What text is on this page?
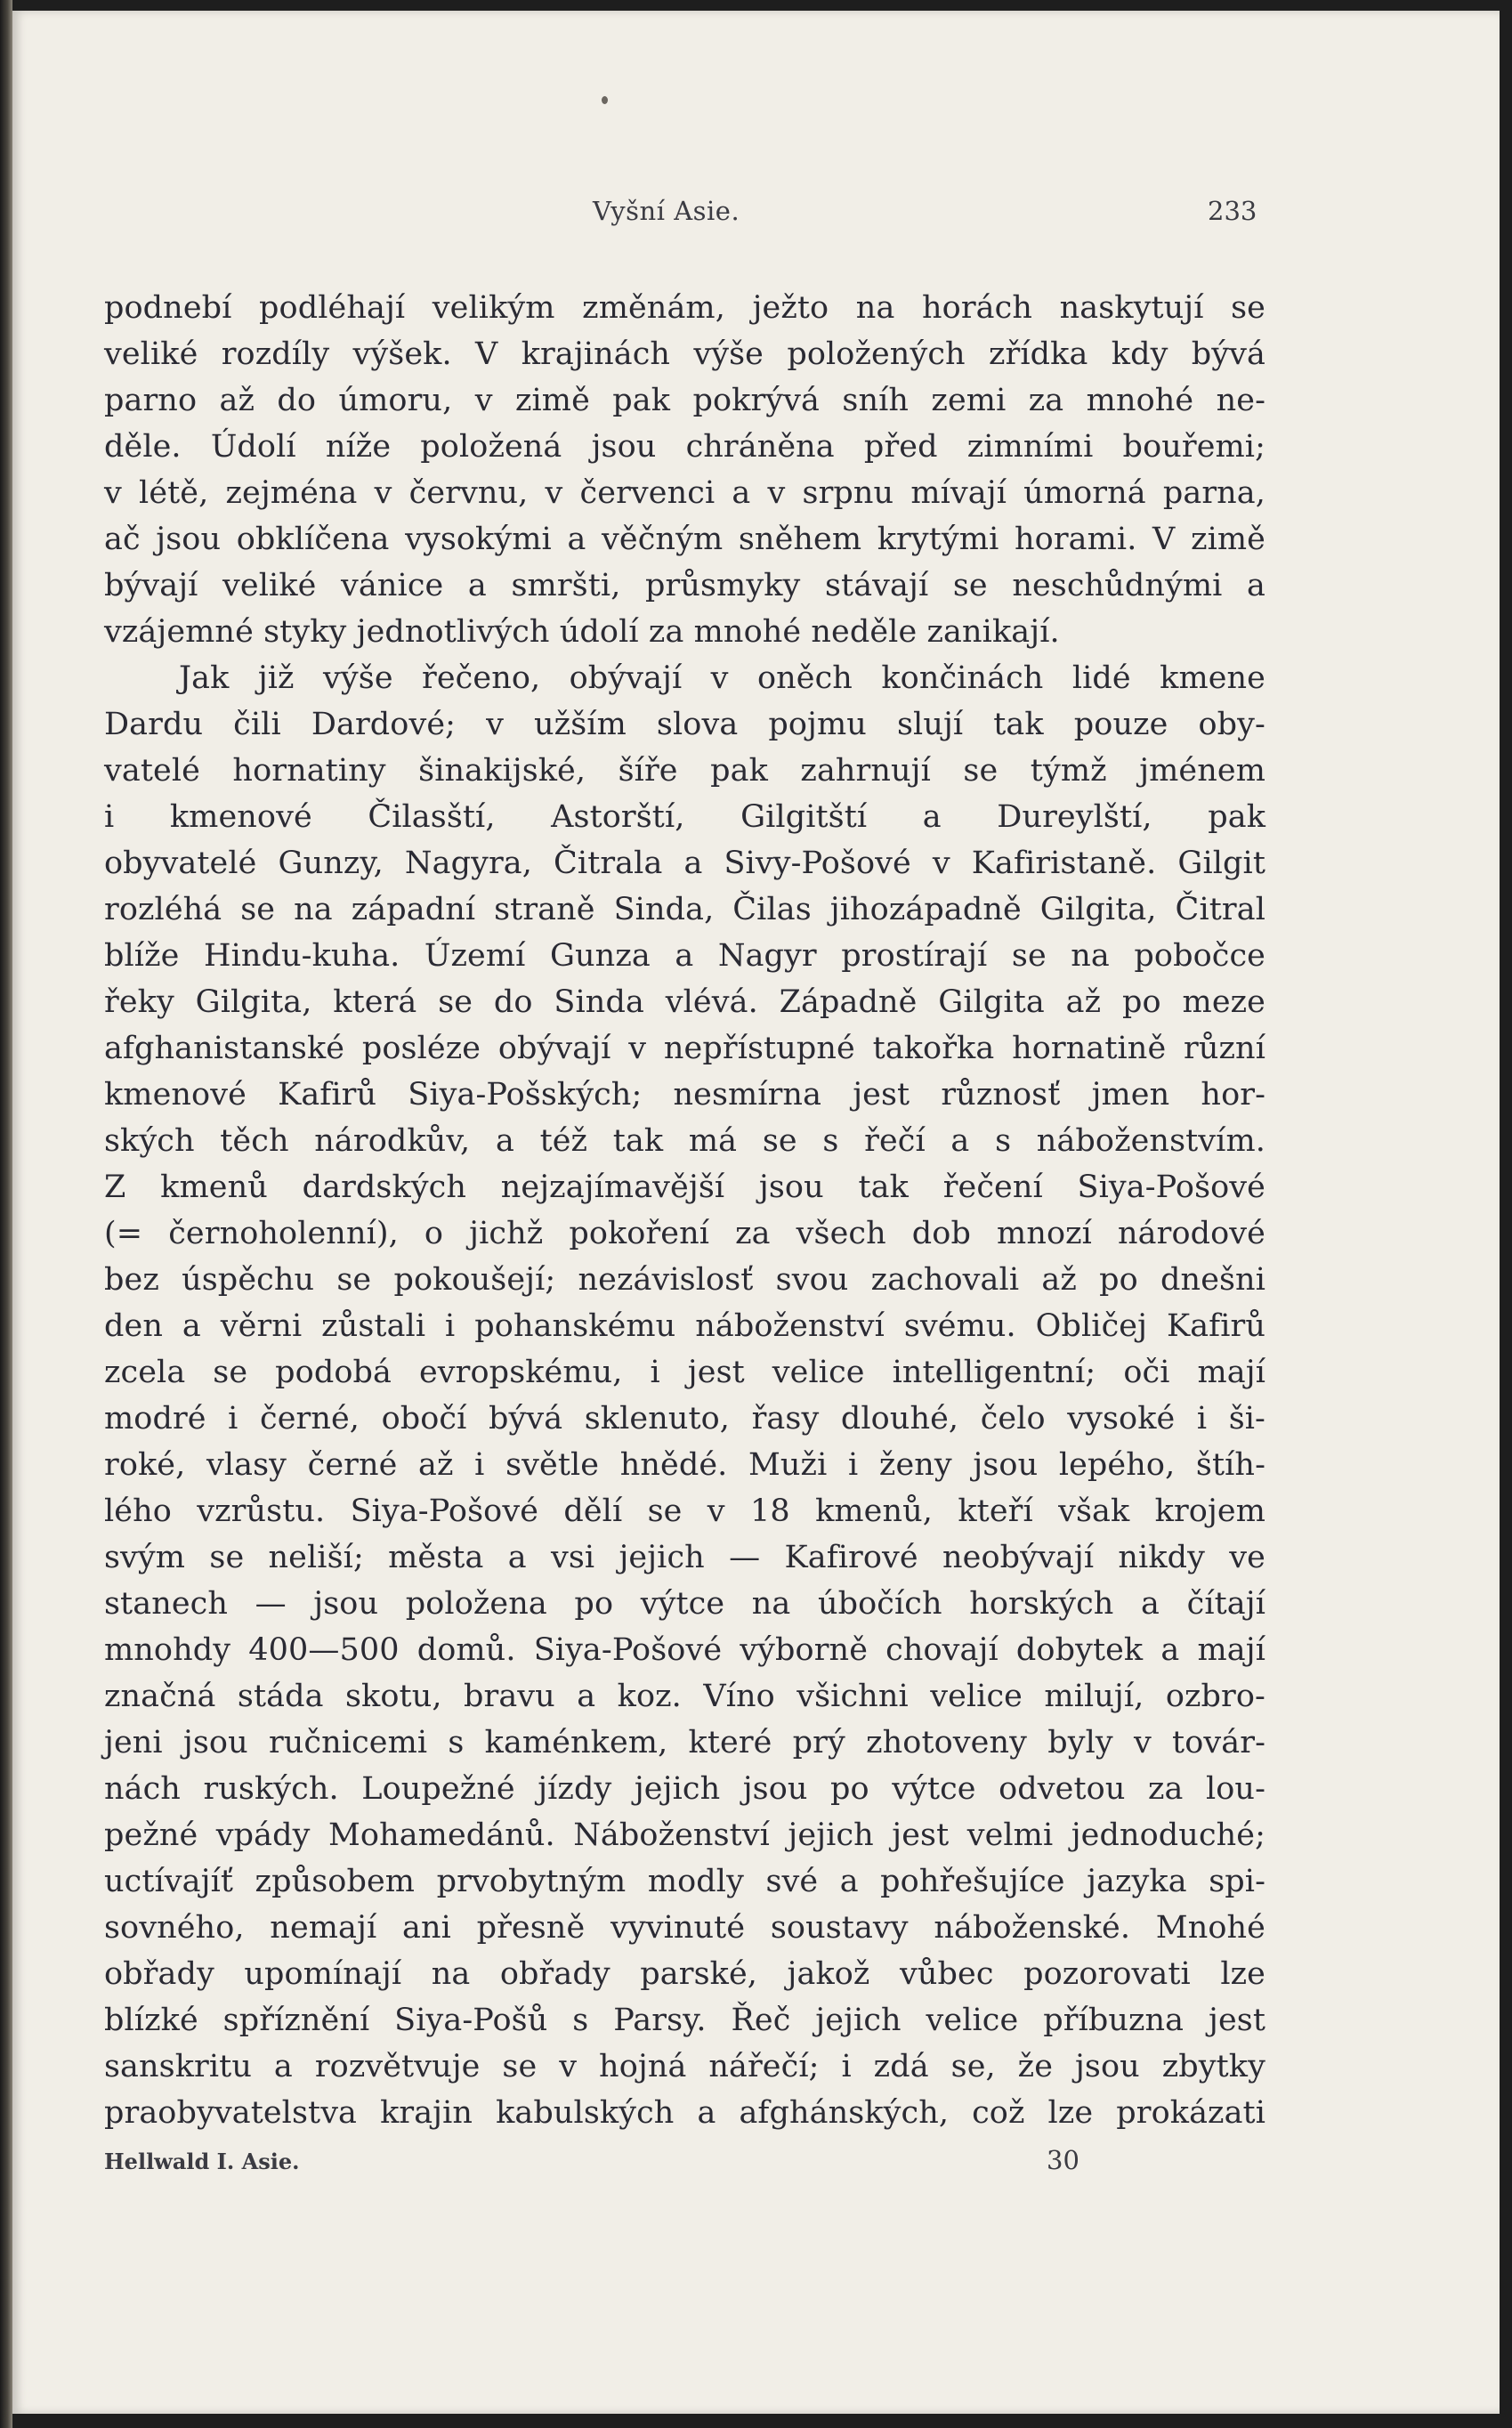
Vyšní Asie.	233
podnebí podléhají velikým změnám, ježto na horách naskytují se
veliké rozdíly výšek. V krajinách výše položených zřídka kdy bývá
parno až do úmoru, v zimě pak pokrývá sníh zemi za mnohé ne-
děle. Údolí níže položená jsou chráněna před zimními bouřemi;
v létě, zejména v červnu, v červenci a v srpnu mívají úmorná parna,
ač jsou obklíčena vysokými a věčným sněhem krytými horami. V zimě
bývají veliké vánice a smršti, průsmyky stávají se neschůdnými a
vzájemné styky jednotlivých údolí za mnohé neděle zanikají.
Jak již výše řečeno, obývají v oněch končinách lidé kmene
Dardu čili Dardové; v užším slova pojmu slují tak pouze oby-
vatelé hornatiny šinakijské, šíře pak zahrnují se týmž jménem
i kmenové Čilasští, Astorští, Gilgitští a Dureylští, pak
obyvatelé Gunzy, Nagyra, Čitrala a Sivy-Pošové v Kafiristaně. Gilgit
rozléhá se na západní straně Sinda, Čilas jihozápadně Gilgita, Čitral
blíže Hindu-kuha. Území Gunza a Nagyr prostírají se na pobočce
řeky Gilgita, která se do Sinda vlévá. Západně Gilgita až po meze
afghanistanské posléze obývají v nepřístupné takořka hornatině různí
kmenové Kafirů Siya-Pošských; nesmírna jest různosť jmen hor-
ských těch národkův, a též tak má se s řečí a s náboženstvím.
Z kmenů dardských nejzajímavější jsou tak řečení Siya-Pošové
(= černoholenní), o jichž pokoření za všech dob mnozí národové
bez úspěchu se pokoušejí; nezávislosť svou zachovali až po dnešni
den a věrni zůstali i pohanskému náboženství svému. Obličej Kafirů
zcela se podobá evropskému, i jest velice intelligentní; oči mají
modré i černé, obočí bývá sklenuto, řasy dlouhé, čelo vysoké i ši-
roké, vlasy černé až i světle hnědé. Muži i ženy jsou lepého, štíh-
lého vzrůstu. Siya-Pošové dělí se v 18 kmenů, kteří však krojem
svým se neliší; města a vsi jejich — Kafirové neobývají nikdy ve
stanech — jsou položena po výtce na úbočích horských a čítají
mnohdy 400—500 domů. Siya-Pošové výborně chovají dobytek a mají
značná stáda skotu, bravu a koz. Víno všichni velice milují, ozbro-
jeni jsou ručnicemi s kaménkem, které prý zhotoveny byly v továr-
nách ruských. Loupežné jízdy jejich jsou po výtce odvetou za lou-
pežné vpády Mohamedánů. Náboženství jejich jest velmi jednoduché;
uctívajíť způsobem prvobytným modly své a pohřešujíce jazyka spi-
sovného, nemají ani přesně vyvinuté soustavy náboženské. Mnohé
obřady upomínají na obřady parské, jakož vůbec pozorovati lze
blízké spříznění Siya-Pošů s Parsy. Řeč jejich velice příbuzna jest
sanskritu a rozvětvuje se v hojná nářečí; i zdá se, že jsou zbytky
praobyvatelstva krajin kabulských a afghánských, což lze prokázati
Hellwald I. Asie.	30
